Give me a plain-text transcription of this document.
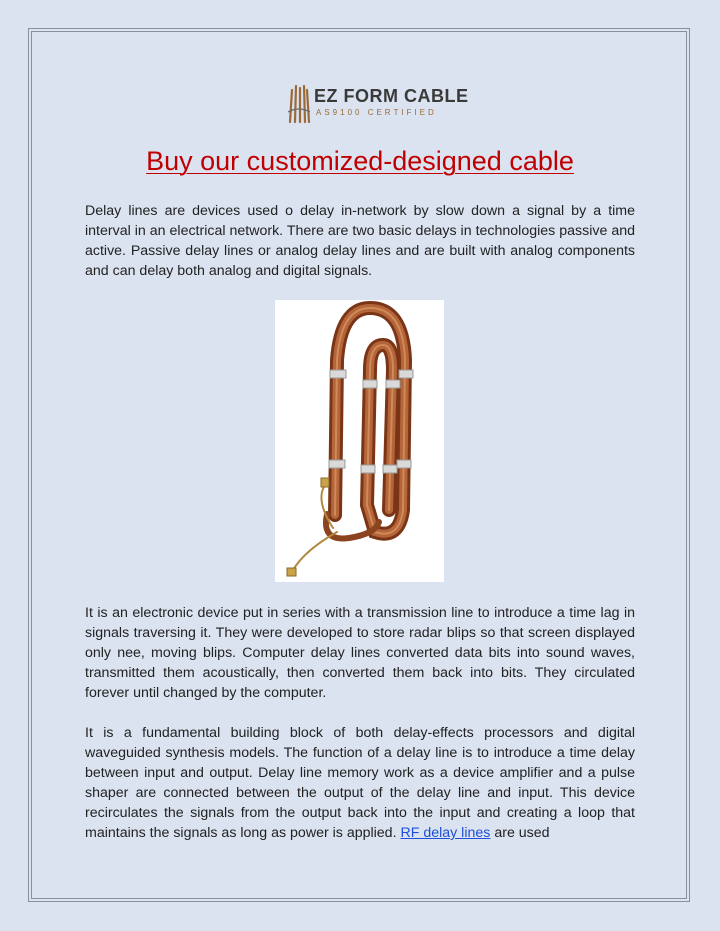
EZ FORM CABLE
AS9100 CERTIFIED
Buy our customized-designed cable

Delay lines are devices used o delay in-network by slow down a signal by a time interval in an electrical network. There are two basic delays in technologies passive and active. Passive delay lines or analog delay lines and are built with analog components and can delay both analog and digital signals.

It is an electronic device put in series with a transmission line to introduce a time lag in signals traversing it. They were developed to store radar blips so that screen displayed only nee, moving blips. Computer delay lines converted data bits into sound waves, transmitted them acoustically, then converted them back into bits. They circulated forever until changed by the computer.

It is a fundamental building block of both delay-effects processors and digital waveguided synthesis models. The function of a delay line is to introduce a time delay between input and output. Delay line memory work as a device amplifier and a pulse shaper are connected between the output of the delay line and input. This device recirculates the signals from the output back into the input and creating a loop that maintains the signals as long as power is applied. RF delay lines are used
